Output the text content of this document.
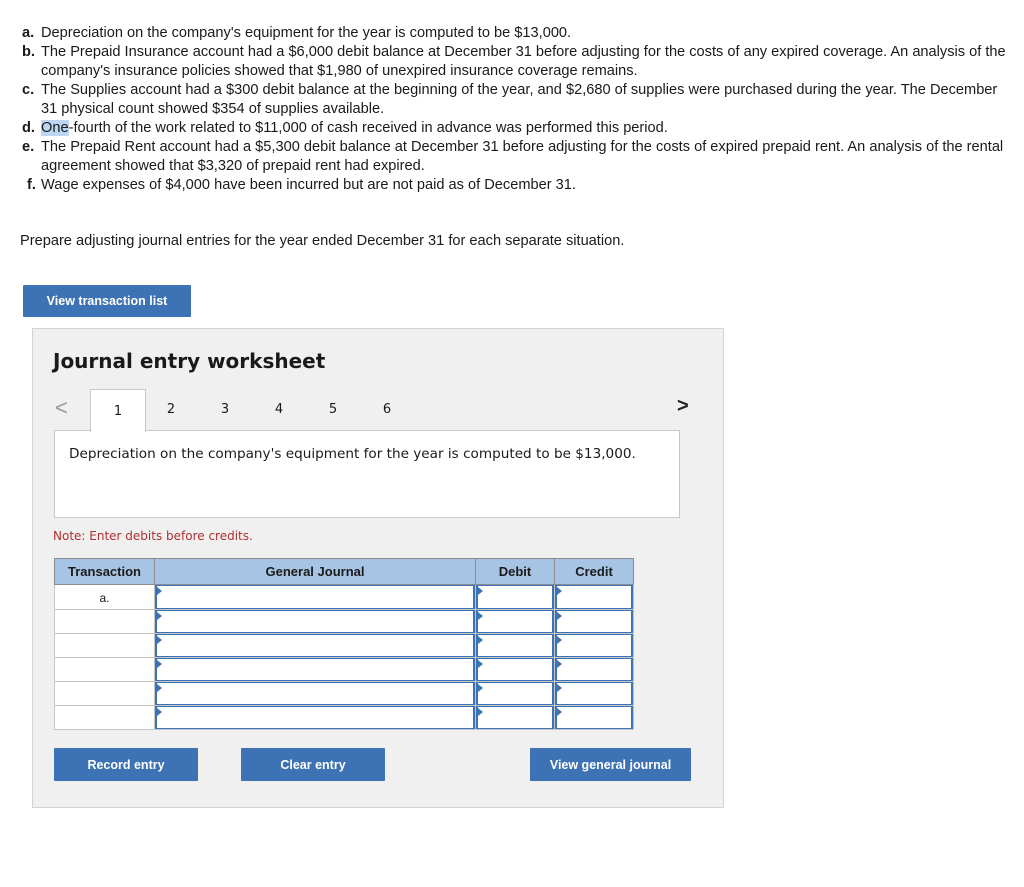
a. Depreciation on the company's equipment for the year is computed to be $13,000.
b. The Prepaid Insurance account had a $6,000 debit balance at December 31 before adjusting for the costs of any expired coverage. An analysis of the company's insurance policies showed that $1,980 of unexpired insurance coverage remains.
c. The Supplies account had a $300 debit balance at the beginning of the year, and $2,680 of supplies were purchased during the year. The December 31 physical count showed $354 of supplies available.
d. One-fourth of the work related to $11,000 of cash received in advance was performed this period.
e. The Prepaid Rent account had a $5,300 debit balance at December 31 before adjusting for the costs of expired prepaid rent. An analysis of the rental agreement showed that $3,320 of prepaid rent had expired.
f. Wage expenses of $4,000 have been incurred but are not paid as of December 31.
Prepare adjusting journal entries for the year ended December 31 for each separate situation.
View transaction list
Journal entry worksheet
<	1	2	3	4	5	6	>
Depreciation on the company's equipment for the year is computed to be $13,000.
Note: Enter debits before credits.
Transaction	General Journal	Debit	Credit
a.	

Record entry	Clear entry	View general journal
